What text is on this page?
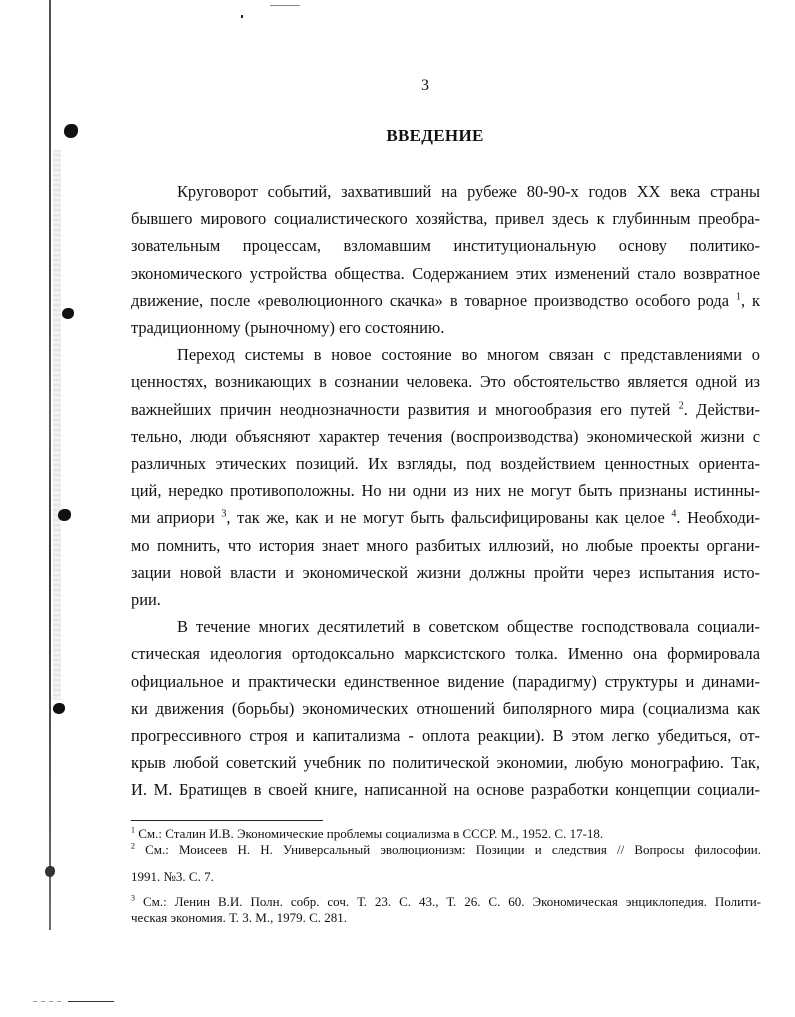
3
ВВЕДЕНИЕ
Круговорот событий, захвативший на рубеже 80-90-х годов XX века страны
бывшего мирового социалистического хозяйства, привел здесь к глубинным преобра-
зовательным процессам, взломавшим институциональную основу политико-
экономического устройства общества. Содержанием этих изменений стало возвратное
движение, после «революционного скачка» в товарное производство особого рода $^1$, к
традиционному (рыночному) его состоянию.
Переход системы в новое состояние во многом связан с представлениями о
ценностях, возникающих в сознании человека. Это обстоятельство является одной из
важнейших причин неоднозначности развития и многообразия его путей $^2$. Действи-
тельно, люди объясняют характер течения (воспроизводства) экономической жизни с
различных этических позиций. Их взгляды, под воздействием ценностных ориента-
ций, нередко противоположны. Но ни одни из них не могут быть признаны истинны-
ми априори $^3$, так же, как и не могут быть фальсифицированы как целое $^4$. Необходи-
мо помнить, что история знает много разбитых иллюзий, но любые проекты органи-
зации новой власти и экономической жизни должны пройти через испытания исто-
рии.
В течение многих десятилетий в советском обществе господствовала социали-
стическая идеология ортодоксально марксистского толка. Именно она формировала
официальное и практически единственное видение (парадигму) структуры и динами-
ки движения (борьбы) экономических отношений биполярного мира (социализма как
прогрессивного строя и капитализма - оплота реакции). В этом легко убедиться, от-
крыв любой советский учебник по политической экономии, любую монографию. Так,
И. М. Братищев в своей книге, написанной на основе разработки концепции социали-
$^1$ См.: Сталин И.В. Экономические проблемы социализма в СССР. М., 1952. С. 17-18.
$^2$ См.: Моисеев Н. Н. Универсальный эволюционизм: Позиции и следствия // Вопросы философии.
1991. №3. С. 7.
$^3$ См.: Ленин В.И. Полн. собр. соч. Т. 23. С. 43., Т. 26. С. 60. Экономическая энциклопедия. Полити-
ческая экономия. Т. 3. М., 1979. С. 281.
